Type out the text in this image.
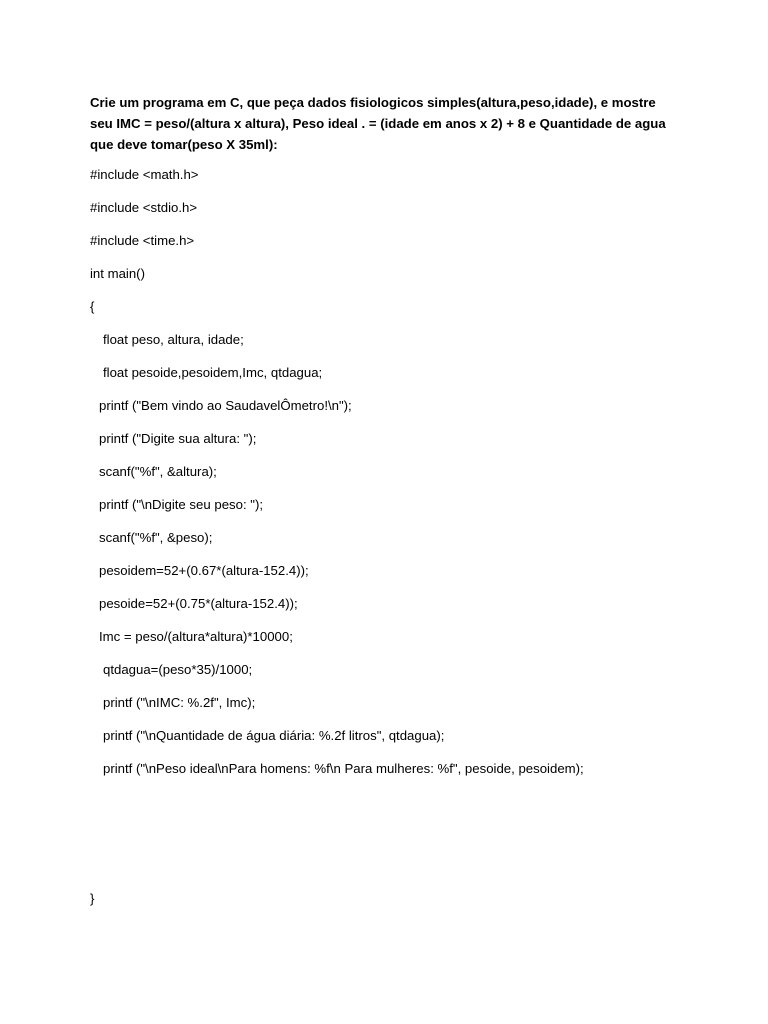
Crie um programa em C, que peça dados fisiologicos simples(altura,peso,idade), e mostre seu IMC = peso/(altura x altura), Peso ideal . = (idade em anos x 2) + 8 e Quantidade de agua que deve tomar(peso X 35ml):

#include <math.h>

#include <stdio.h>

#include <time.h>

int main()

{

float peso, altura, idade;

float pesoide,pesoidem,Imc, qtdagua;

printf ("Bem vindo ao SaudavelÔmetro!\n");

printf ("Digite sua altura: ");

scanf("%f", &altura);

printf ("\nDigite seu peso: ");

scanf("%f", &peso);

pesoidem=52+(0.67*(altura-152.4));

pesoide=52+(0.75*(altura-152.4));

Imc = peso/(altura*altura)*10000;

qtdagua=(peso*35)/1000;

printf ("\nIMC: %.2f", Imc);

printf ("\nQuantidade de água diária: %.2f litros", qtdagua);

printf ("\nPeso ideal\nPara homens: %f\n Para mulheres: %f", pesoide, pesoidem);

}
